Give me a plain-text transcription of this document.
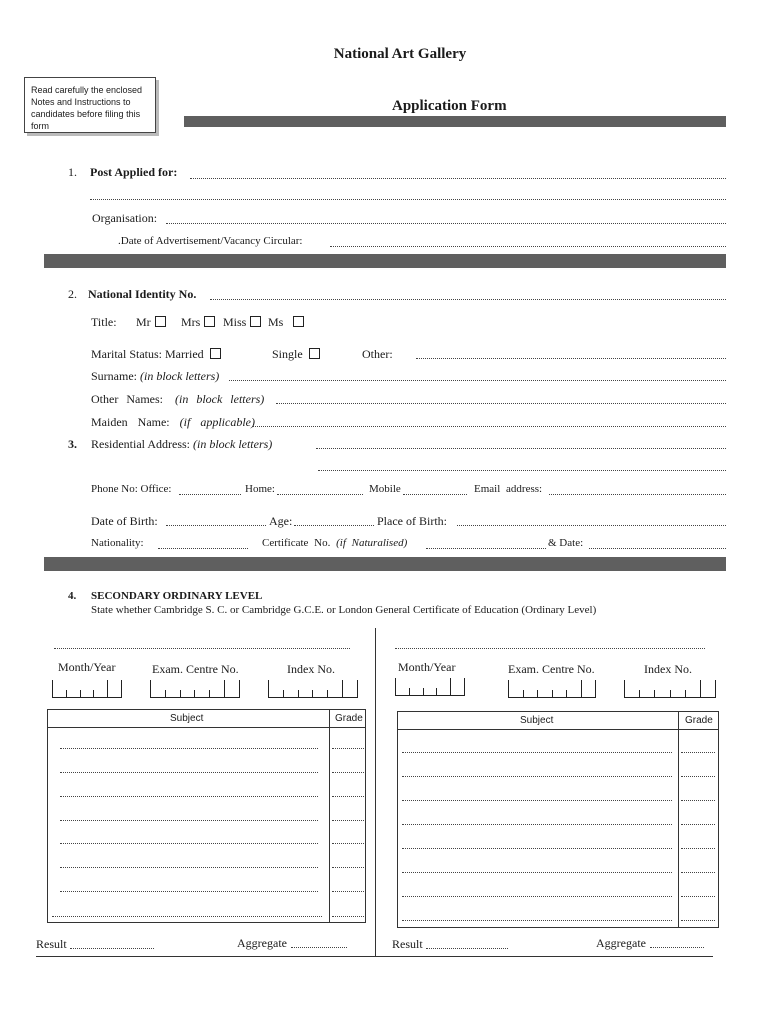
National Art Gallery
Read carefully the enclosed Notes and Instructions to candidates before filing this form
Application Form
1. Post Applied for:
Organisation:
.Date of Advertisement/Vacancy Circular:
2. National Identity No.
Title: Mr	Mrs	Miss	Ms
Marital Status: Married	Single	Other:
Surname: (in block letters)
Other Names: (in block letters)
Maiden Name: (if applicable)
3. Residential Address: (in block letters)
Phone No: Office:	Home:	Mobile	Email address:
Date of Birth:	Age:	Place of Birth:
Nationality:	Certificate No. (if Naturalised)	& Date:
4. SECONDARY ORDINARY LEVEL
State whether Cambridge S. C. or Cambridge G.C.E. or London General Certificate of Education (Ordinary Level)
Month/Year	Exam. Centre No.	Index No.
Subject	Grade
Result	Aggregate
Month/Year	Exam. Centre No.	Index No.
Subject	Grade
Result	Aggregate
